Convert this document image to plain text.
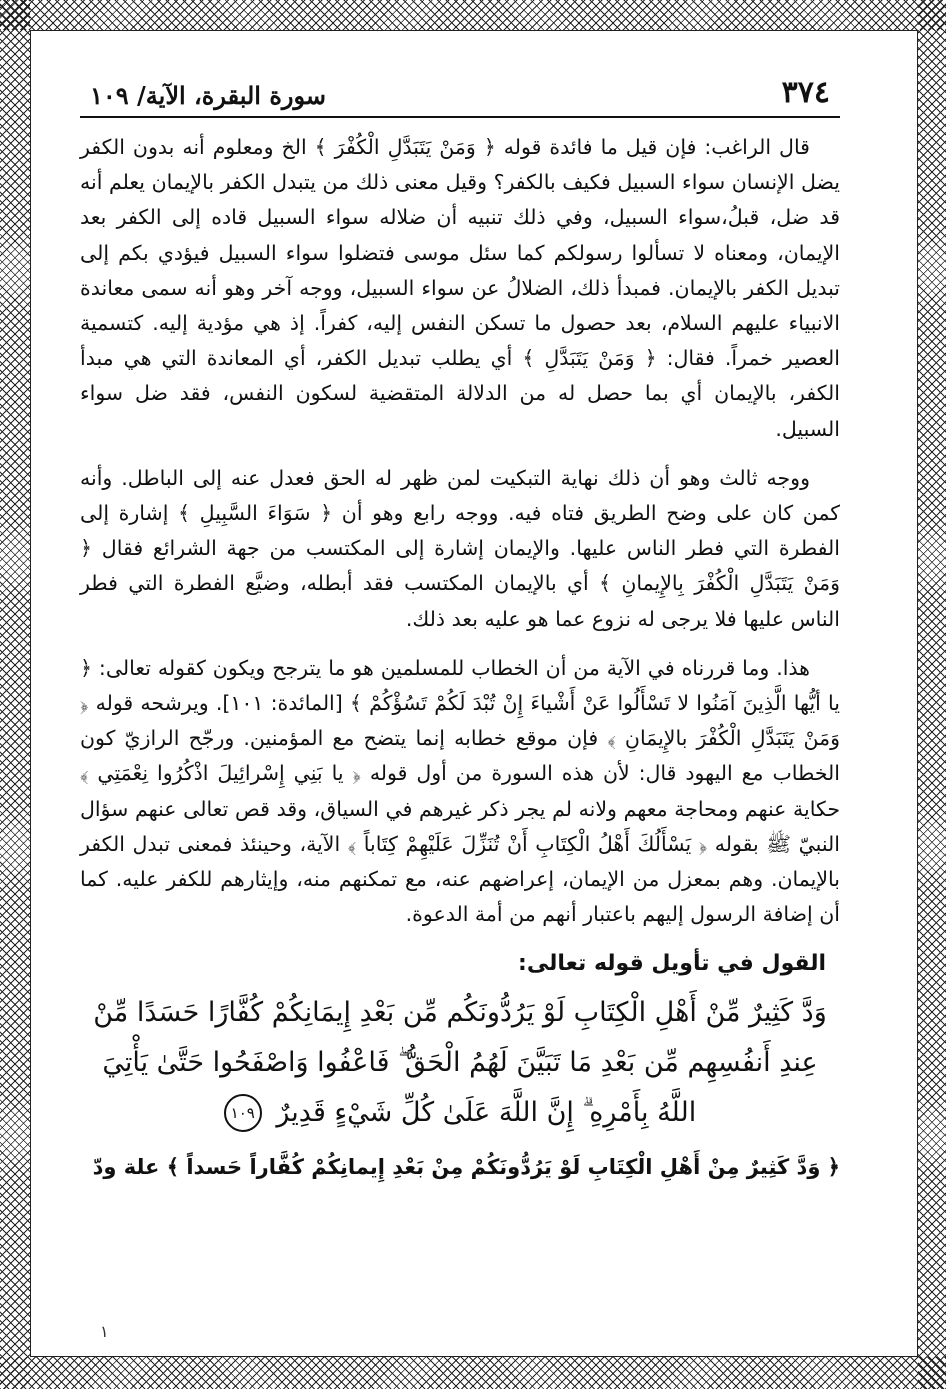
٣٧٤
سورة البقرة، الآية/ ١٠٩

قال الراغب: فإن قيل ما فائدة قوله ﴿ وَمَنْ يَتَبَدَّلِ الْكُفْرَ ﴾ الخ ومعلوم أنه بدون الكفر يضل الإنسان سواء السبيل فكيف بالكفر؟ وقيل معنى ذلك من يتبدل الكفر بالإيمان يعلم أنه قد ضل، قبلُ،سواء السبيل، وفي ذلك تنبيه أن ضلاله سواء السبيل قاده إلى الكفر بعد الإيمان، ومعناه لا تسألوا رسولكم كما سئل موسى فتضلوا سواء السبيل فيؤدي بكم إلى تبديل الكفر بالإيمان. فمبدأ ذلك، الضلالُ عن سواء السبيل، ووجه آخر وهو أنه سمى معاندة الانبياء عليهم السلام، بعد حصول ما تسكن النفس إليه، كفراً. إذ هي مؤدية إليه. كتسمية العصير خمراً. فقال: ﴿ وَمَنْ يَتَبَدَّلِ ﴾ أي يطلب تبديل الكفر، أي المعاندة التي هي مبدأ الكفر، بالإيمان أي بما حصل له من الدلالة المتقضية لسكون النفس، فقد ضل سواء السبيل.

ووجه ثالث وهو أن ذلك نهاية التبكيت لمن ظهر له الحق فعدل عنه إلى الباطل. وأنه كمن كان على وضح الطريق فتاه فيه. ووجه رابع وهو أن ﴿ سَوَاءَ السَّبِيلِ ﴾ إشارة إلى الفطرة التي فطر الناس عليها. والإيمان إشارة إلى المكتسب من جهة الشرائع فقال ﴿ وَمَنْ يَتَبَدَّلِ الْكُفْرَ بِالإِيمانِ ﴾ أي بالإيمان المكتسب فقد أبطله، وضيَّع الفطرة التي فطر الناس عليها فلا يرجى له نزوع عما هو عليه بعد ذلك.

هذا. وما قررناه في الآية من أن الخطاب للمسلمين هو ما يترجح ويكون كقوله تعالى: ﴿ يا أيُّها الَّذِينَ آمَنُوا لا تَسْأَلُوا عَنْ أَشْياءَ إِنْ تُبْدَ لَكُمْ تَسُؤْكُمْ ﴾ [المائدة: ١٠١]. ويرشحه قوله ﴿ وَمَنْ يَتَبَدَّلِ الْكُفْرَ بالإِيمَانِ ﴾ فإن موقع خطابه إنما يتضح مع المؤمنين. ورجّح الرازيّ كون الخطاب مع اليهود قال: لأن هذه السورة من أول قوله ﴿ يا بَنِي إِسْرائِيلَ اذْكُرُوا نِعْمَتِي ﴾ حكاية عنهم ومحاجة معهم ولانه لم يجر ذكر غيرهم في السياق، وقد قص تعالى عنهم سؤال النبيّ ﷺ بقوله ﴿ يَسْأَلُكَ أَهْلُ الْكِتَابِ أَنْ تُنَزِّلَ عَلَيْهِمْ كِتَاباً ﴾ الآية، وحينئذ فمعنى تبدل الكفر بالإيمان. وهم بمعزل من الإيمان، إعراضهم عنه، مع تمكنهم منه، وإيثارهم للكفر عليه. كما أن إضافة الرسول إليهم باعتبار أنهم من أمة الدعوة.

القول في تأويل قوله تعالى:
وَدَّ كَثِيرٌ مِّنْ أَهْلِ الْكِتَابِ لَوْ يَرُدُّونَكُم مِّن بَعْدِ إِيمَانِكُمْ كُفَّارًا حَسَدًا مِّنْ عِندِ أَنفُسِهِم مِّن بَعْدِ مَا تَبَيَّنَ لَهُمُ الْحَقُّ ۖ فَاعْفُوا وَاصْفَحُوا حَتَّىٰ يَأْتِيَ اللَّهُ بِأَمْرِهِ ۗ إِنَّ اللَّهَ عَلَىٰ كُلِّ شَيْءٍ قَدِيرٌ ١٠٩
﴿ وَدَّ كَثِيرٌ مِنْ أَهْلِ الْكِتَابِ لَوْ يَرُدُّونَكُمْ مِنْ بَعْدِ إِيمانِكُمْ كُفَّاراً حَسداً ﴾ علة ودّ
١
